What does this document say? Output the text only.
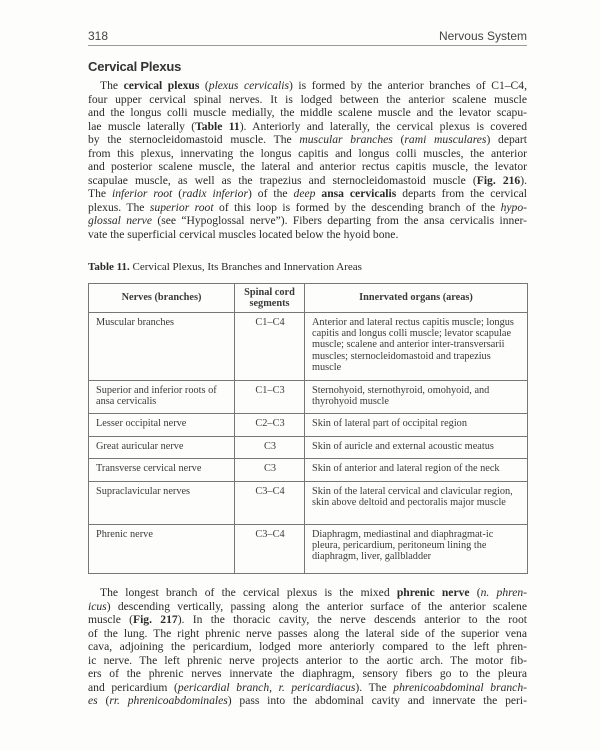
318	Nervous System
Cervical Plexus
The cervical plexus (plexus cervicalis) is formed by the anterior branches of C1–C4,
four upper cervical spinal nerves. It is lodged between the anterior scalene muscle
and the longus colli muscle medially, the middle scalene muscle and the levator scapu-
lae muscle laterally (Table 11). Anteriorly and laterally, the cervical plexus is covered
by the sternocleidomastoid muscle. The muscular branches (rami musculares) depart
from this plexus, innervating the longus capitis and longus colli muscles, the anterior
and posterior scalene muscle, the lateral and anterior rectus capitis muscle, the levator
scapulae muscle, as well as the trapezius and sternocleidomastoid muscle (Fig. 216).
The inferior root (radix inferior) of the deep ansa cervicalis departs from the cervical
plexus. The superior root of this loop is formed by the descending branch of the hypo-
glossal nerve (see “Hypoglossal nerve”). Fibers departing from the ansa cervicalis inner-
vate the superficial cervical muscles located below the hyoid bone.
Table 11. Cervical Plexus, Its Branches and Innervation Areas
Nerves (branches)	Spinal cord segments	Innervated organs (areas)
Muscular branches	C1–C4	Anterior and lateral rectus capitis muscle; longus capitis and longus colli muscle; levator scapulae muscle; scalene and anterior inter-transversarii muscles; sternocleidomastoid and trapezius muscle
Superior and inferior roots of ansa cervicalis	C1–C3	Sternohyoid, sternothyroid, omohyoid, and thyrohyoid muscle
Lesser occipital nerve	C2–C3	Skin of lateral part of occipital region
Great auricular nerve	C3	Skin of auricle and external acoustic meatus
Transverse cervical nerve	C3	Skin of anterior and lateral region of the neck
Supraclavicular nerves	C3–C4	Skin of the lateral cervical and clavicular region, skin above deltoid and pectoralis major muscle
Phrenic nerve	C3–C4	Diaphragm, mediastinal and diaphragmat-ic pleura, pericardium, peritoneum lining the diaphragm, liver, gallbladder
The longest branch of the cervical plexus is the mixed phrenic nerve (n. phren-
icus) descending vertically, passing along the anterior surface of the anterior scalene
muscle (Fig. 217). In the thoracic cavity, the nerve descends anterior to the root
of the lung. The right phrenic nerve passes along the lateral side of the superior vena
cava, adjoining the pericardium, lodged more anteriorly compared to the left phren-
ic nerve. The left phrenic nerve projects anterior to the aortic arch. The motor fib-
ers of the phrenic nerves innervate the diaphragm, sensory fibers go to the pleura
and pericardium (pericardial branch, r. pericardiacus). The phrenicoabdominal branch-
es (rr. phrenicoabdominales) pass into the abdominal cavity and innervate the peri-
